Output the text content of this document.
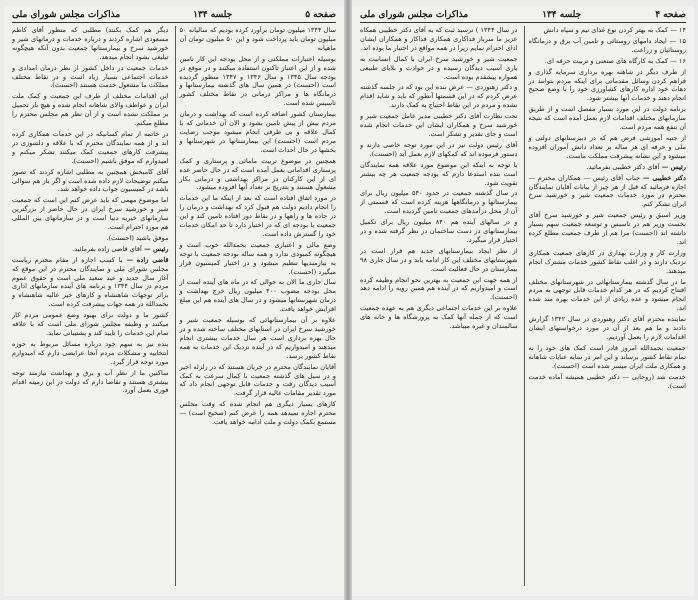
صفحه ۵
جلسه ۱۳۴
مذاکرات مجلس شورای ملی

سال ۱۳۴۴ میلیون تومان برآورد کرده بودیم که سالیانه ۵۰ میلیون تومان باید پرداخت شود و این ۵۰ میلیون تومان آن ماهیانه

بوسیله اعتبارات مملکتی و از محل بودجه این کار تامین شده و از این اعتبار تاکنون استفاده میکنند و در موقع در بودجه سال ۱۳۴۵ و سال ۱۳۴۶ و ۱۳۴۷ منظور گردیده است (احسنت) در همین سال های گذشته بیمارستانها و درمانگاه ها و مراکز درمانی در نقاط مختلف کشور تاسیس شده است.

بیمارستان کشور اضافه کرده است که بهداشت و درمان مردم بیش از پیش تامین بشود و الان آن خدماتی که با کمال علاقه و بی طرفی انجام میشود موجب رضایت مردم است (احسنت) این بیمارستانها در شهرستانها و بخشها در حال احداث است.

همچنین در موضوع تربیت مامائی و پرستاری و کمک پرستاری اقداماتی بعمل آمده است که در حال حاضر عده ای از این کارکنان در مراکز بهداشتی و درمانی بکار مشغول هستند و بتدریج بر تعداد آنها افزوده میشود.

در مورد اتفاق افتاده است که بعد از اینکه ما این خدمات را انجام دادیم دولت هم قبول کرد که بهداشت و درمان را در جاده ها و راهها و در نقاط دور افتاده تامین کند و این جمعیت با بودجه ای که در اختیار دارد تا حد امکان خدمات خود را گسترش داده است.

وضع مالی و اعتباری جمعیت بحمدالله خوب است و هیچگونه کمبودی ندارد و همه ساله بودجه جمعیت با توجه به نیازمندیها تنظیم میشود و در اختیار کمیسیون قرار میگیرد (احسنت).

سال جاری ما الان به حوالی که در ماه های آینده است از محل بودجه مصوب ۴۰۰ میلیون ریال خرج بهداشت و درمان شهرستانها میشود و در سال های آینده هم این مبلغ افزایش خواهد یافت.

علاوه بر آن بیمارستانهائی که بوسیله جمعیت شیر و خورشید سرخ ایران در استانهای مختلف ساخته شده و در حال بهره برداری است هر سال خدمات بیشتری انجام میدهند و امیدواریم که در آینده نزدیک این خدمات به همه نقاط کشور برسد.

آقایان نمایندگان محترم در جریان هستند که در زلزله اخیر و در سیل های گذشته جمعیت با کمال سرعت به کمک آسیب دیدگان رفت و خدمات قابل توجهی انجام داد که مورد تقدیر مقامات عالیه قرار گرفت.

کارهای بسیار دیگری هم انجام شده که وقت مجلس محترم اجازه نمیدهد همه را عرض کنم (صحیح است) — مستمع بکمک دولت و ملت ادامه خواهد یافت.

دیگر هم کمک بکنند) مطلبی که منظور آقای کاظم مسعودی اشاره کردند و درباره خدمات و درمانهای شیر و خورشید سرخ و بیمارستانها جمعیت بدون آنکه هیچگونه تبلیغی بشود انجام میدهد.

خدمات جمعیت در داخل کشور از نظر درمان امدادی و خدمات اجتماعی بسیار زیاد است و در نقاط مختلف مملکت ما مشغول خدمت هستند (احسنت).

این اقدامات مختلف از طرف این جمعیت و کمک ملت ایران و عواطف والای شاهانه انجام شده و هیچ بار تحمیل بر مملکت نشده است و از آن نظر هم مجلس محترم را مطلع میکنم.

در خاتمه از تمام کسانیکه در این خدمات همکاری کرده اند و از همه نمایندگان محترم که با علاقه و دلسوزی در پیشرفت کارهای جمعیت کمک میکنند تشکر میکنم و امیدوارم که موفق باشیم (احسنت).

آقای کامبخش همچنین به مطلبی اشاره کردند که تصور میکنم توضیحات لازم داده شده است و اگر باز هم سوالی باشد در کمیسیون جواب داده خواهد شد.

اما موضوع مهمی که باید عرض کنم این است که جمعیت شیر و خورشید سرخ ایران در حال حاضر از بزرگترین سازمانهای خیریه دنیا است و در سازمانهای بین المللی هم مورد احترام است.

موفق باشید (احسنت).

رئیس — آقای قاضی زاده بفرمائید.

قاضی زاده — با کسب اجازه از مقام محترم ریاست مجلس شورای ملی و نمایندگان محترم در این موقع که آغاز سال جدید و عید سعید ملی است و حقوق عموم مردم در سال ۱۳۴۴ و برنامه های آینده سازمانهای اداری براثر توجهات شاهنشاه و کارهای خیر عالیه شاهنشاه و بحمدالله در همه جهات پیشرفت کرده است.

کشور ما و دولت برای بهبود وضع عمومی مردم کار میکنند و وظیفه مجلس شورای ملی است که با علاقه تمام این خدمات را تایید کند و پشتیبانی نماید.

بنده نیز به سهم خود درباره مسائل مربوط به حوزه انتخابیه و مشکلات مردم آنجا عرایضی دارم که امیدوارم مورد توجه قرار گیرد.

ساکنین ما از نظر آب و برق و بهداشت نیازمند توجه بیشتری هستند و تقاضا دارم که دولت در این زمینه اقدام فوری بعمل آورد.

صفحه ۴
جلسه ۱۳۴
مذاکرات مجلس شورای ملی

۱۴ — کمک به بهتر کردن نوع غذای تیم و سپاه دانش

۱۵ — ایجاد دامهای روستائی و تامین آب برق و درمانگاه روستائیان و زراعت.

۱۶ — کمک به کارگاه های صنعتی و تربیت حرفه ای.

از طرف دیگر در شاهنه بهره برداری سرمایه گذاری و فراهم کردن وسائل مقدماتی برای اینکه مردم بتوانند در دهات خود اداره کارهای کشاورزی خود را با وضع صحیح انجام دهند و خدمات آنها بیشتر شود.

برنامه دولت در این مورد بسیار مفصل است و از طریق سازمانهای مختلف اقدامات لازم بعمل آمده است که نتیجه آن بنفع همه مردم است.

از جنبه آموزشی فرض هم که در دبیرستانهای دولتی و ملی و حرفه ای هر ساله بر تعداد دانش آموزان افزوده میشود و این نشانه پیشرفت مملکت ماست.

رئیس — آقای دکتر خطیبی بفرمائید.

دکتر خطیبی — جناب آقای رئیس — همکاران محترم — اجازه فرمائید که قبل از هر چیز از بیانات آقایان نمایندگان محترم در مورد خدمات جمعیت شیر و خورشید سرخ ایران تشکر کنم.

وزیر اسبق و رئیس جمعیت شیر و خورشید سرخ آقای نخست وزیر هم در تاسیس و توسعه جمعیت سهم بسیار داشته اند (احسنت) مرا هم از طرف جمعیت مطلع کرده اند.

وزارت کار و وزارت بهداری در کارهای جمعیت همکاری نزدیک دارند و در اغلب نقاط کشور خدمات مشترک انجام میدهند.

ما در سال گذشته بیمارستانهائی در شهرستانهای مختلف افتتاح کردیم که در هر کدام خدمات قابل توجهی به مردم انجام میشود و عده زیادی از این خدمات بهره مند شده اند.

نماینده محترم آقای دکتر رهنوردی در سال ۱۳۴۲ گزارش دادند و ما هم بعد از آن در مورد درخواستهای ایشان اقدامات لازم را بعمل آوردیم.

جمعیت بحمدالله امروز قادر است کمک های خود را به تمام نقاط کشور برساند و این امر در سایه عنایات شاهانه و همکاری ملت ایران میسر شده است (احسنت).

خدمت شد (روحانی — دکتر خطیبی همیشه آماده خدمت است).

در سال ۱۳۴۴ ) نرسید ثبت که به آقای دکتر خطیبی همکاه عزیز ما سرباز فداکاری همکاری فداکار و همکاران ایشان ادای احترام نمایم زیرا در همه مواقع در اختیار ما بوده اند.

جمعیت شیر و خورشید سرخ ایران با کمال انسانیت به یاری آسیب دیدگان رسیده و در حوادث و بلایای طبیعی همواره پیشقدم بوده است.

و دکتر رهنوردی — عرض بنده این بود که در جلسه گذشته عرض کردم که در این قسمتها آنطور که باید و شاید اقدام نشده و مردم در این نقاط احتیاج به کمک دارند.

تحت نظارت آقای دکتر خطیبی مدیر عامل جمعیت شیر و خورشید سرخ و همکاران ایشان این خدمات انجام شده است و جای تقدیر و تشکر است.

آقای رئیس دولت نیز در این مورد توجه خاصی دارند و دستور فرموده اند که کمکهای لازم بعمل آید (احسنت).

با توجه به اینکه این موضوع مورد علاقه همه نمایندگان است بنده استدعا دارم که بودجه جمعیت هر چه بیشتر تقویت شود.

در سال گذشته جمعیت در حدود ۵۴۰ میلیون ریال برای بیمارستانها و درمانگاهها هزینه کرده است که قسمتی از آن از محل درآمدهای جمعیت تامین گردیده است.

و در سالهای آینده هم ۸۴۰ میلیون ریال برای تکمیل بیمارستانهای در دست ساختمان در نظر گرفته شده و در اختیار قرار میگیرد.

از نظر ایجاد بیمارستانهای جدید هم قرار است در شهرستانهای مختلف این کار ادامه یابد و در سال جاری ۹۸ بیمارستان در حال فعالیت است.

از همه جهت این جمعیت به بهترین نحو انجام وظیفه کرده است و امیدواریم که در آینده هم همین رویه را ادامه دهد (احسنت).

علاوه بر این خدمات اجتماعی دیگری هم به عهده جمعیت است که از جمله آنها کمک به پرورشگاه ها و خانه های سالمندان و غیره میباشد.
